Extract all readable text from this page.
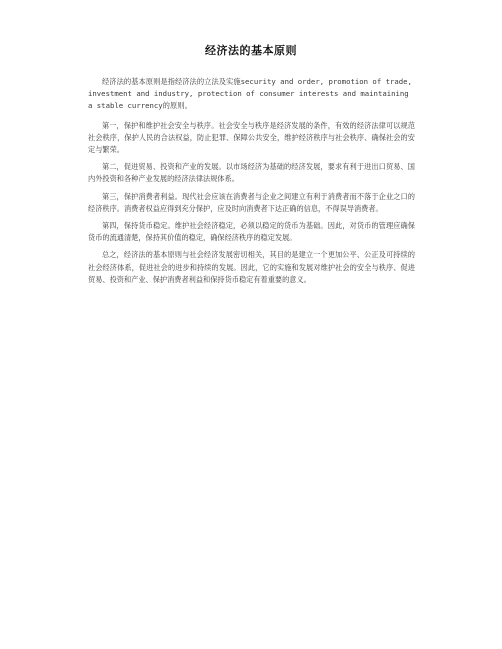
经济法的基本原则

经济法的基本原则是指经济法的立法及实施security and order, promotion of trade, investment and industry, protection of consumer interests and maintaining a stable currency的原则。

第一，保护和维护社会安全与秩序。社会安全与秩序是经济发展的条件，有效的经济法律可以规范社会秩序，保护人民的合法权益，防止犯罪、保障公共安全，维护经济秩序与社会秩序、确保社会的安定与繁荣。

第二，促进贸易、投资和产业的发展。以市场经济为基础的经济发展，要求有利于进出口贸易、国内外投资和各种产业发展的经济法律法规体系。

第三，保护消费者利益。现代社会应该在消费者与企业之间建立有利于消费者而不落于企业之口的经济秩序。消费者权益应得到充分保护，应及时向消费者下达正确的信息，不得误导消费者。

第四，保持货币稳定。维护社会经济稳定，必须以稳定的货币为基础。因此，对货币的管理应确保货币的流通清楚，保持其价值的稳定，确保经济秩序的稳定发展。

总之，经济法的基本原则与社会经济发展密切相关，其目的是建立一个更加公平、公正及可持续的社会经济体系，促进社会的进步和持续的发展。因此，它的实施和发展对维护社会的安全与秩序、促进贸易、投资和产业、保护消费者利益和保持货币稳定有着重要的意义。
